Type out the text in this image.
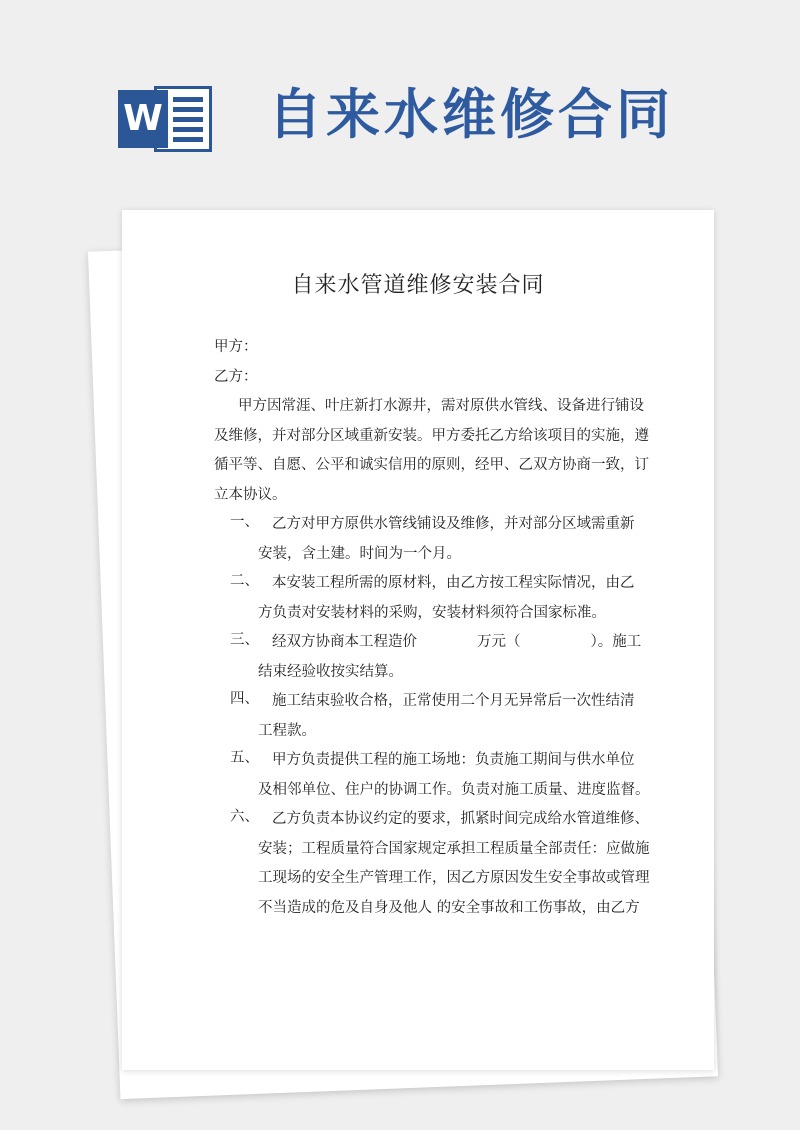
W 自来水维修合同
自来水管道维修安装合同
甲方：
乙方：
甲方因常涯、叶庄新打水源井，需对原供水管线、设备进行铺设
及维修，并对部分区域重新安装。甲方委托乙方给该项目的实施，遵
循平等、自愿、公平和诚实信用的原则，经甲、乙双方协商一致，订
立本协议。
一、 乙方对甲方原供水管线铺设及维修，并对部分区域需重新
安装，含土建。时间为一个月。
二、 本安装工程所需的原材料，由乙方按工程实际情况，由乙
方负责对安装材料的采购，安装材料须符合国家标准。
三、 经双方协商本工程造价	万元（	）。施工
结束经验收按实结算。
四、 施工结束验收合格，正常使用二个月无异常后一次性结清
工程款。
五、 甲方负责提供工程的施工场地：负责施工期间与供水单位
及相邻单位、住户的协调工作。负责对施工质量、进度监督。
六、 乙方负责本协议约定的要求，抓紧时间完成给水管道维修、
安装；工程质量符合国家规定承担工程质量全部责任：应做施
工现场的安全生产管理工作，因乙方原因发生安全事故或管理
不当造成的危及自身及他人 的安全事故和工伤事故，由乙方
